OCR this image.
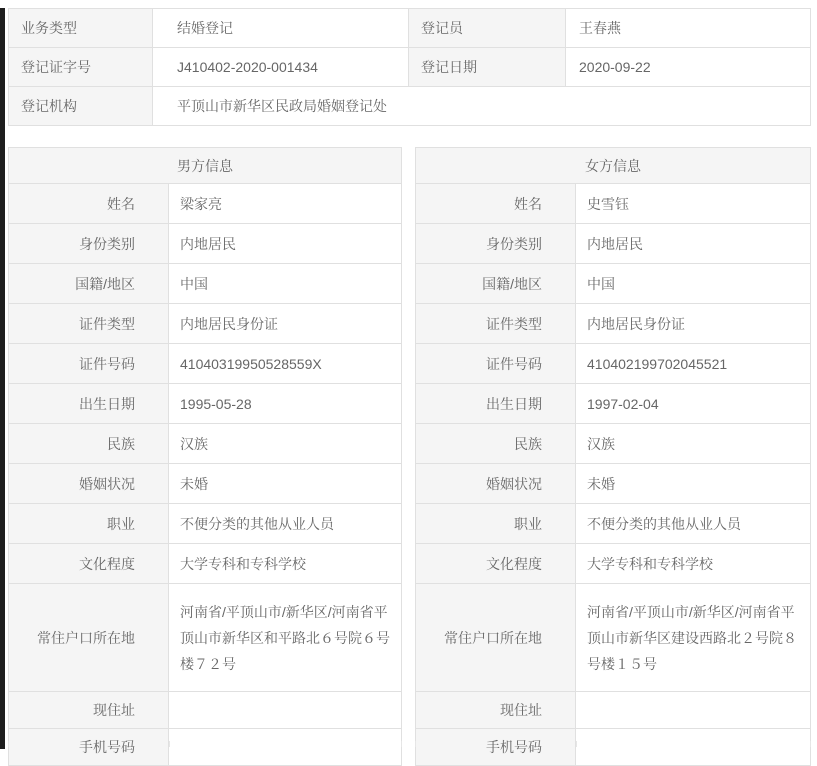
业务类型	结婚登记	登记员	王春燕
登记证字号	J410402-2020-001434	登记日期	2020-09-22
登记机构	平顶山市新华区民政局婚姻登记处		
男方信息	
姓名	梁家亮
身份类别	内地居民
国籍/地区	中国
证件类型	内地居民身份证
证件号码	41040319950528559X
出生日期	1995-05-28
民族	汉族
婚姻状况	未婚
职业	不便分类的其他从业人员
文化程度	大学专科和专科学校
常住户口所在地	河南省/平顶山市/新华区/河南省平顶山市新华区和平路北６号院６号楼７２号
现住址	
手机号码	
女方信息	
姓名	史雪钰
身份类别	内地居民
国籍/地区	中国
证件类型	内地居民身份证
证件号码	410402199702045521
出生日期	1997-02-04
民族	汉族
婚姻状况	未婚
职业	不便分类的其他从业人员
文化程度	大学专科和专科学校
常住户口所在地	河南省/平顶山市/新华区/河南省平顶山市新华区建设西路北２号院８号楼１５号
现住址	
手机号码	
